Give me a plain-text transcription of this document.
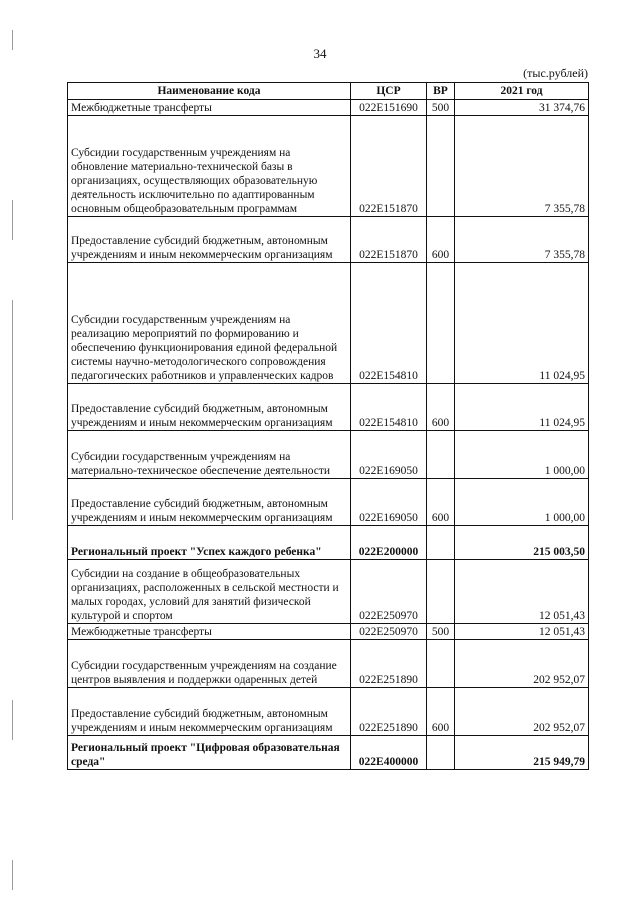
34
(тыс.рублей)
Наименование кода	ЦСР	ВР	2021 год
Межбюджетные трансферты	022E151690	500	31 374,76
Субсидии государственным учреждениям на обновление материально-технической базы в организациях, осуществляющих образовательную деятельность исключительно по адаптированным основным общеобразовательным программам	022E151870		7 355,78
Предоставление субсидий бюджетным, автономным учреждениям и иным некоммерческим организациям	022E151870	600	7 355,78
Субсидии государственным учреждениям на реализацию мероприятий по формированию и обеспечению функционирования единой федеральной системы научно-методологического сопровождения педагогических работников и управленческих кадров	022E154810		11 024,95
Предоставление субсидий бюджетным, автономным учреждениям и иным некоммерческим организациям	022E154810	600	11 024,95
Субсидии государственным учреждениям на материально-техническое обеспечение деятельности	022E169050		1 000,00
Предоставление субсидий бюджетным, автономным учреждениям и иным некоммерческим организациям	022E169050	600	1 000,00
Региональный проект "Успех каждого ребенка"	022E200000		215 003,50
Субсидии на создание в общеобразовательных организациях, расположенных в сельской местности и малых городах, условий для занятий физической культурой и спортом	022E250970		12 051,43
Межбюджетные трансферты	022E250970	500	12 051,43
Субсидии государственным учреждениям на создание центров выявления и поддержки одаренных детей	022E251890		202 952,07
Предоставление субсидий бюджетным, автономным учреждениям и иным некоммерческим организациям	022E251890	600	202 952,07
Региональный проект "Цифровая образовательная среда"	022E400000		215 949,79
